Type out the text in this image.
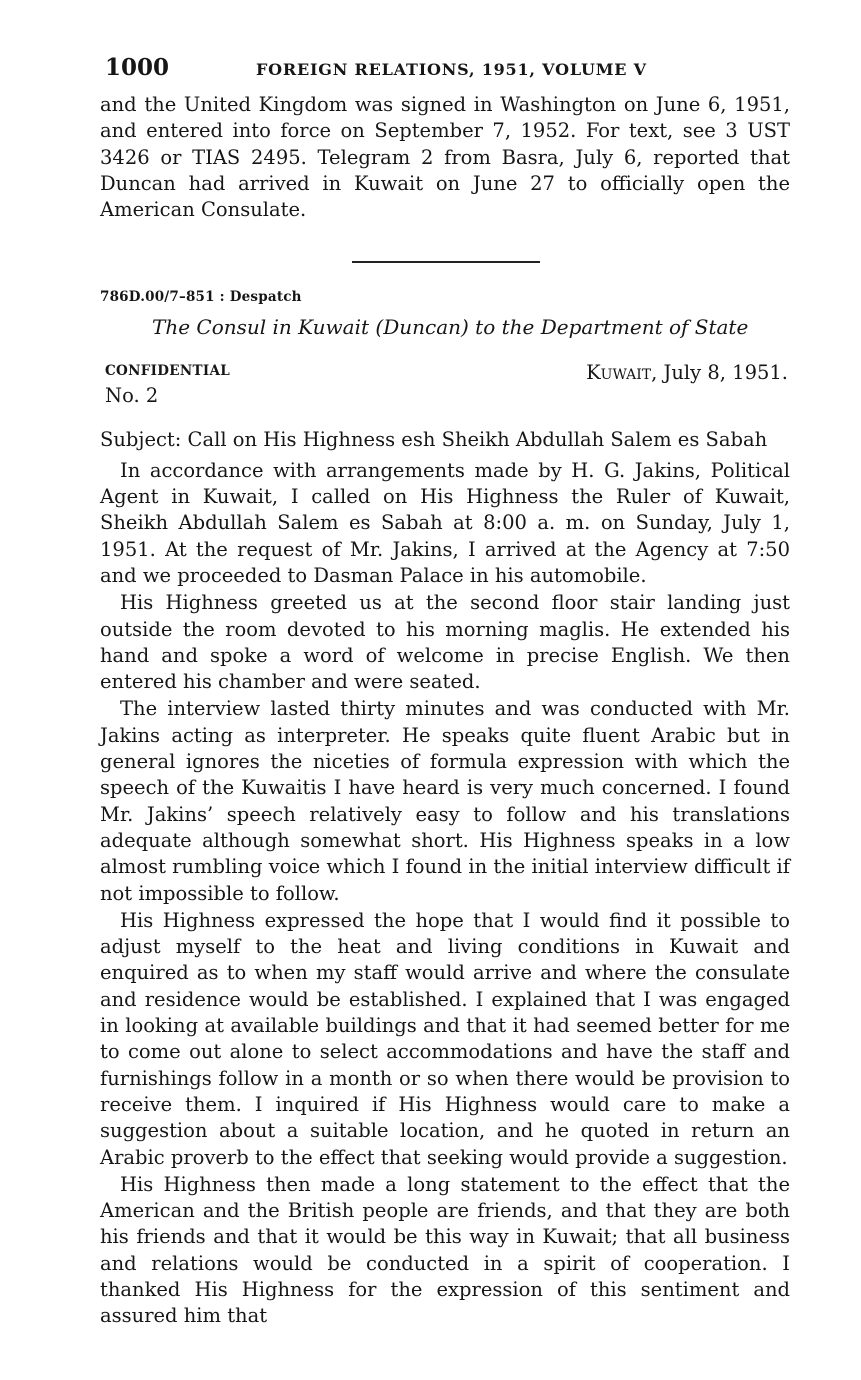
1000	FOREIGN RELATIONS, 1951, VOLUME V

and the United Kingdom was signed in Washington on June 6, 1951, and entered into force on September 7, 1952. For text, see 3 UST 3426 or TIAS 2495. Telegram 2 from Basra, July 6, reported that Duncan had arrived in Kuwait on June 27 to officially open the American Consulate.

786D.00/7–851 : Despatch
The Consul in Kuwait (Duncan) to the Department of State
CONFIDENTIAL
No. 2
Kuwait, July 8, 1951.
Subject: Call on His Highness esh Sheikh Abdullah Salem es Sabah

In accordance with arrangements made by H. G. Jakins, Political Agent in Kuwait, I called on His Highness the Ruler of Kuwait, Sheikh Abdullah Salem es Sabah at 8:00 a. m. on Sunday, July 1, 1951. At the request of Mr. Jakins, I arrived at the Agency at 7:50 and we proceeded to Dasman Palace in his automobile.

His Highness greeted us at the second floor stair landing just outside the room devoted to his morning maglis. He extended his hand and spoke a word of welcome in precise English. We then entered his chamber and were seated.

The interview lasted thirty minutes and was conducted with Mr. Jakins acting as interpreter. He speaks quite fluent Arabic but in general ignores the niceties of formula expression with which the speech of the Kuwaitis I have heard is very much concerned. I found Mr. Jakins’ speech relatively easy to follow and his translations adequate although somewhat short. His Highness speaks in a low almost rumbling voice which I found in the initial interview difficult if not impossible to follow.

His Highness expressed the hope that I would find it possible to adjust myself to the heat and living conditions in Kuwait and enquired as to when my staff would arrive and where the consulate and residence would be established. I explained that I was engaged in looking at available buildings and that it had seemed better for me to come out alone to select accommodations and have the staff and furnishings follow in a month or so when there would be provision to receive them. I inquired if His Highness would care to make a suggestion about a suitable location, and he quoted in return an Arabic proverb to the effect that seeking would provide a suggestion.

His Highness then made a long statement to the effect that the American and the British people are friends, and that they are both his friends and that it would be this way in Kuwait; that all business and relations would be conducted in a spirit of cooperation. I thanked His Highness for the expression of this sentiment and assured him that
